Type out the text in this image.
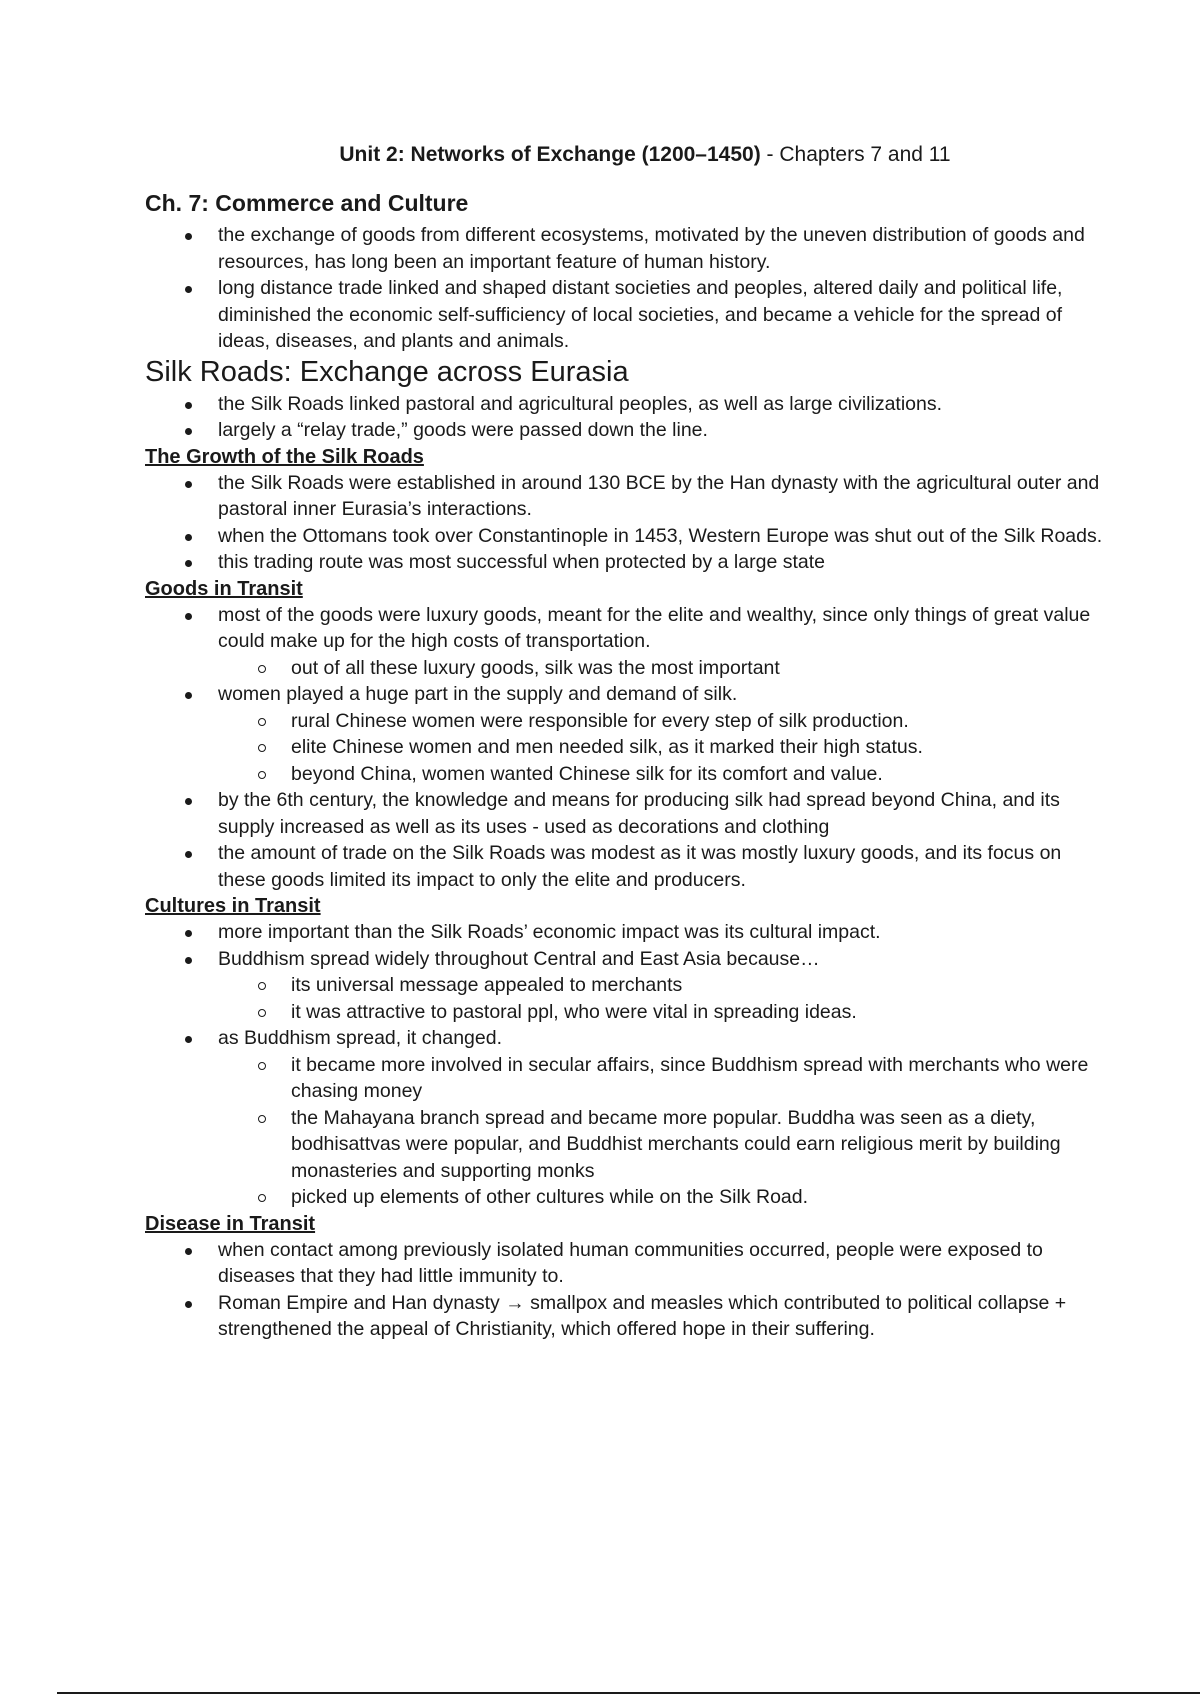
Unit 2: Networks of Exchange (1200–1450) - Chapters 7 and 11
Ch. 7: Commerce and Culture
the exchange of goods from different ecosystems, motivated by the uneven distribution of goods and resources, has long been an important feature of human history.
long distance trade linked and shaped distant societies and peoples, altered daily and political life, diminished the economic self-sufficiency of local societies, and became a vehicle for the spread of ideas, diseases, and plants and animals.
Silk Roads: Exchange across Eurasia
the Silk Roads linked pastoral and agricultural peoples, as well as large civilizations.
largely a “relay trade,” goods were passed down the line.
The Growth of the Silk Roads
the Silk Roads were established in around 130 BCE by the Han dynasty with the agricultural outer and pastoral inner Eurasia’s interactions.
when the Ottomans took over Constantinople in 1453, Western Europe was shut out of the Silk Roads.
this trading route was most successful when protected by a large state
Goods in Transit
most of the goods were luxury goods, meant for the elite and wealthy, since only things of great value could make up for the high costs of transportation.
out of all these luxury goods, silk was the most important
women played a huge part in the supply and demand of silk.
rural Chinese women were responsible for every step of silk production.
elite Chinese women and men needed silk, as it marked their high status.
beyond China, women wanted Chinese silk for its comfort and value.
by the 6th century, the knowledge and means for producing silk had spread beyond China, and its supply increased as well as its uses - used as decorations and clothing
the amount of trade on the Silk Roads was modest as it was mostly luxury goods, and its focus on these goods limited its impact to only the elite and producers.
Cultures in Transit
more important than the Silk Roads’ economic impact was its cultural impact.
Buddhism spread widely throughout Central and East Asia because…
its universal message appealed to merchants
it was attractive to pastoral ppl, who were vital in spreading ideas.
as Buddhism spread, it changed.
it became more involved in secular affairs, since Buddhism spread with merchants who were chasing money
the Mahayana branch spread and became more popular. Buddha was seen as a diety, bodhisattvas were popular, and Buddhist merchants could earn religious merit by building monasteries and supporting monks
picked up elements of other cultures while on the Silk Road.
Disease in Transit
when contact among previously isolated human communities occurred, people were exposed to diseases that they had little immunity to.
Roman Empire and Han dynasty → smallpox and measles which contributed to political collapse + strengthened the appeal of Christianity, which offered hope in their suffering.
